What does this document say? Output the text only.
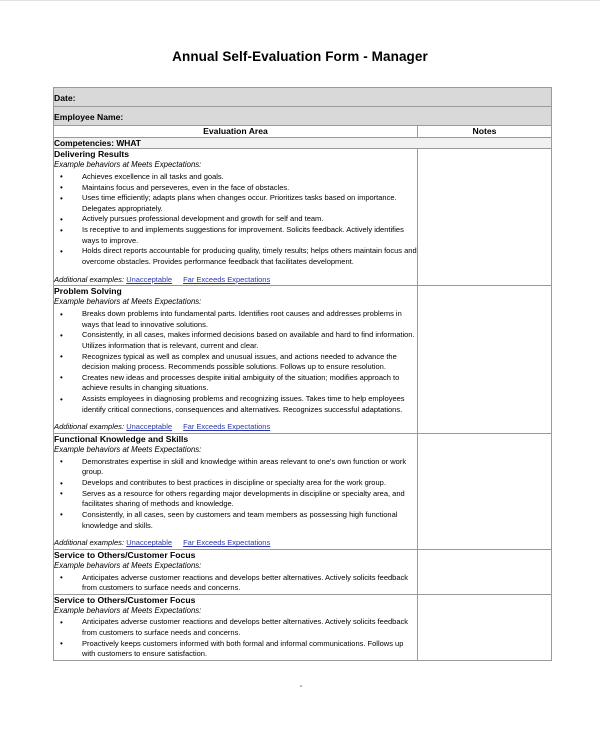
Annual Self-Evaluation Form - Manager
Date:	
Employee Name:	
Evaluation Area	Notes
Competencies: WHAT	

Delivering Results
Example behaviors at Meets Expectations:
• Achieves excellence in all tasks and goals.
• Maintains focus and perseveres, even in the face of obstacles.
• Uses time efficiently; adapts plans when changes occur. Prioritizes tasks based on importance. Delegates appropriately.
• Actively pursues professional development and growth for self and team.
• Is receptive to and implements suggestions for improvement. Solicits feedback. Actively identifies ways to improve.
• Holds direct reports accountable for producing quality, timely results; helps others maintain focus and overcome obstacles. Provides performance feedback that facilitates development.
Additional examples: Unacceptable Far Exceeds Expectations

Problem Solving
Example behaviors at Meets Expectations:
• Breaks down problems into fundamental parts. Identifies root causes and addresses problems in ways that lead to innovative solutions.
• Consistently, in all cases, makes informed decisions based on available and hard to find information. Utilizes information that is relevant, current and clear.
• Recognizes typical as well as complex and unusual issues, and actions needed to advance the decision making process. Recommends possible solutions. Follows up to ensure resolution.
• Creates new ideas and processes despite initial ambiguity of the situation; modifies approach to achieve results in changing situations.
• Assists employees in diagnosing problems and recognizing issues. Takes time to help employees identify critical connections, consequences and alternatives. Recognizes successful adaptations.
Additional examples: Unacceptable Far Exceeds Expectations

Functional Knowledge and Skills
Example behaviors at Meets Expectations:
• Demonstrates expertise in skill and knowledge within areas relevant to one's own function or work group.
• Develops and contributes to best practices in discipline or specialty area for the work group.
• Serves as a resource for others regarding major developments in discipline or specialty area, and facilitates sharing of methods and knowledge.
• Consistently, in all cases, seen by customers and team members as possessing high functional knowledge and skills.
Additional examples: Unacceptable Far Exceeds Expectations

Service to Others/Customer Focus
Example behaviors at Meets Expectations:
• Anticipates adverse customer reactions and develops better alternatives. Actively solicits feedback from customers to surface needs and concerns.

Service to Others/Customer Focus
Example behaviors at Meets Expectations:
• Anticipates adverse customer reactions and develops better alternatives. Actively solicits feedback from customers to surface needs and concerns.
• Proactively keeps customers informed with both formal and informal communications. Follows up with customers to ensure satisfaction.
